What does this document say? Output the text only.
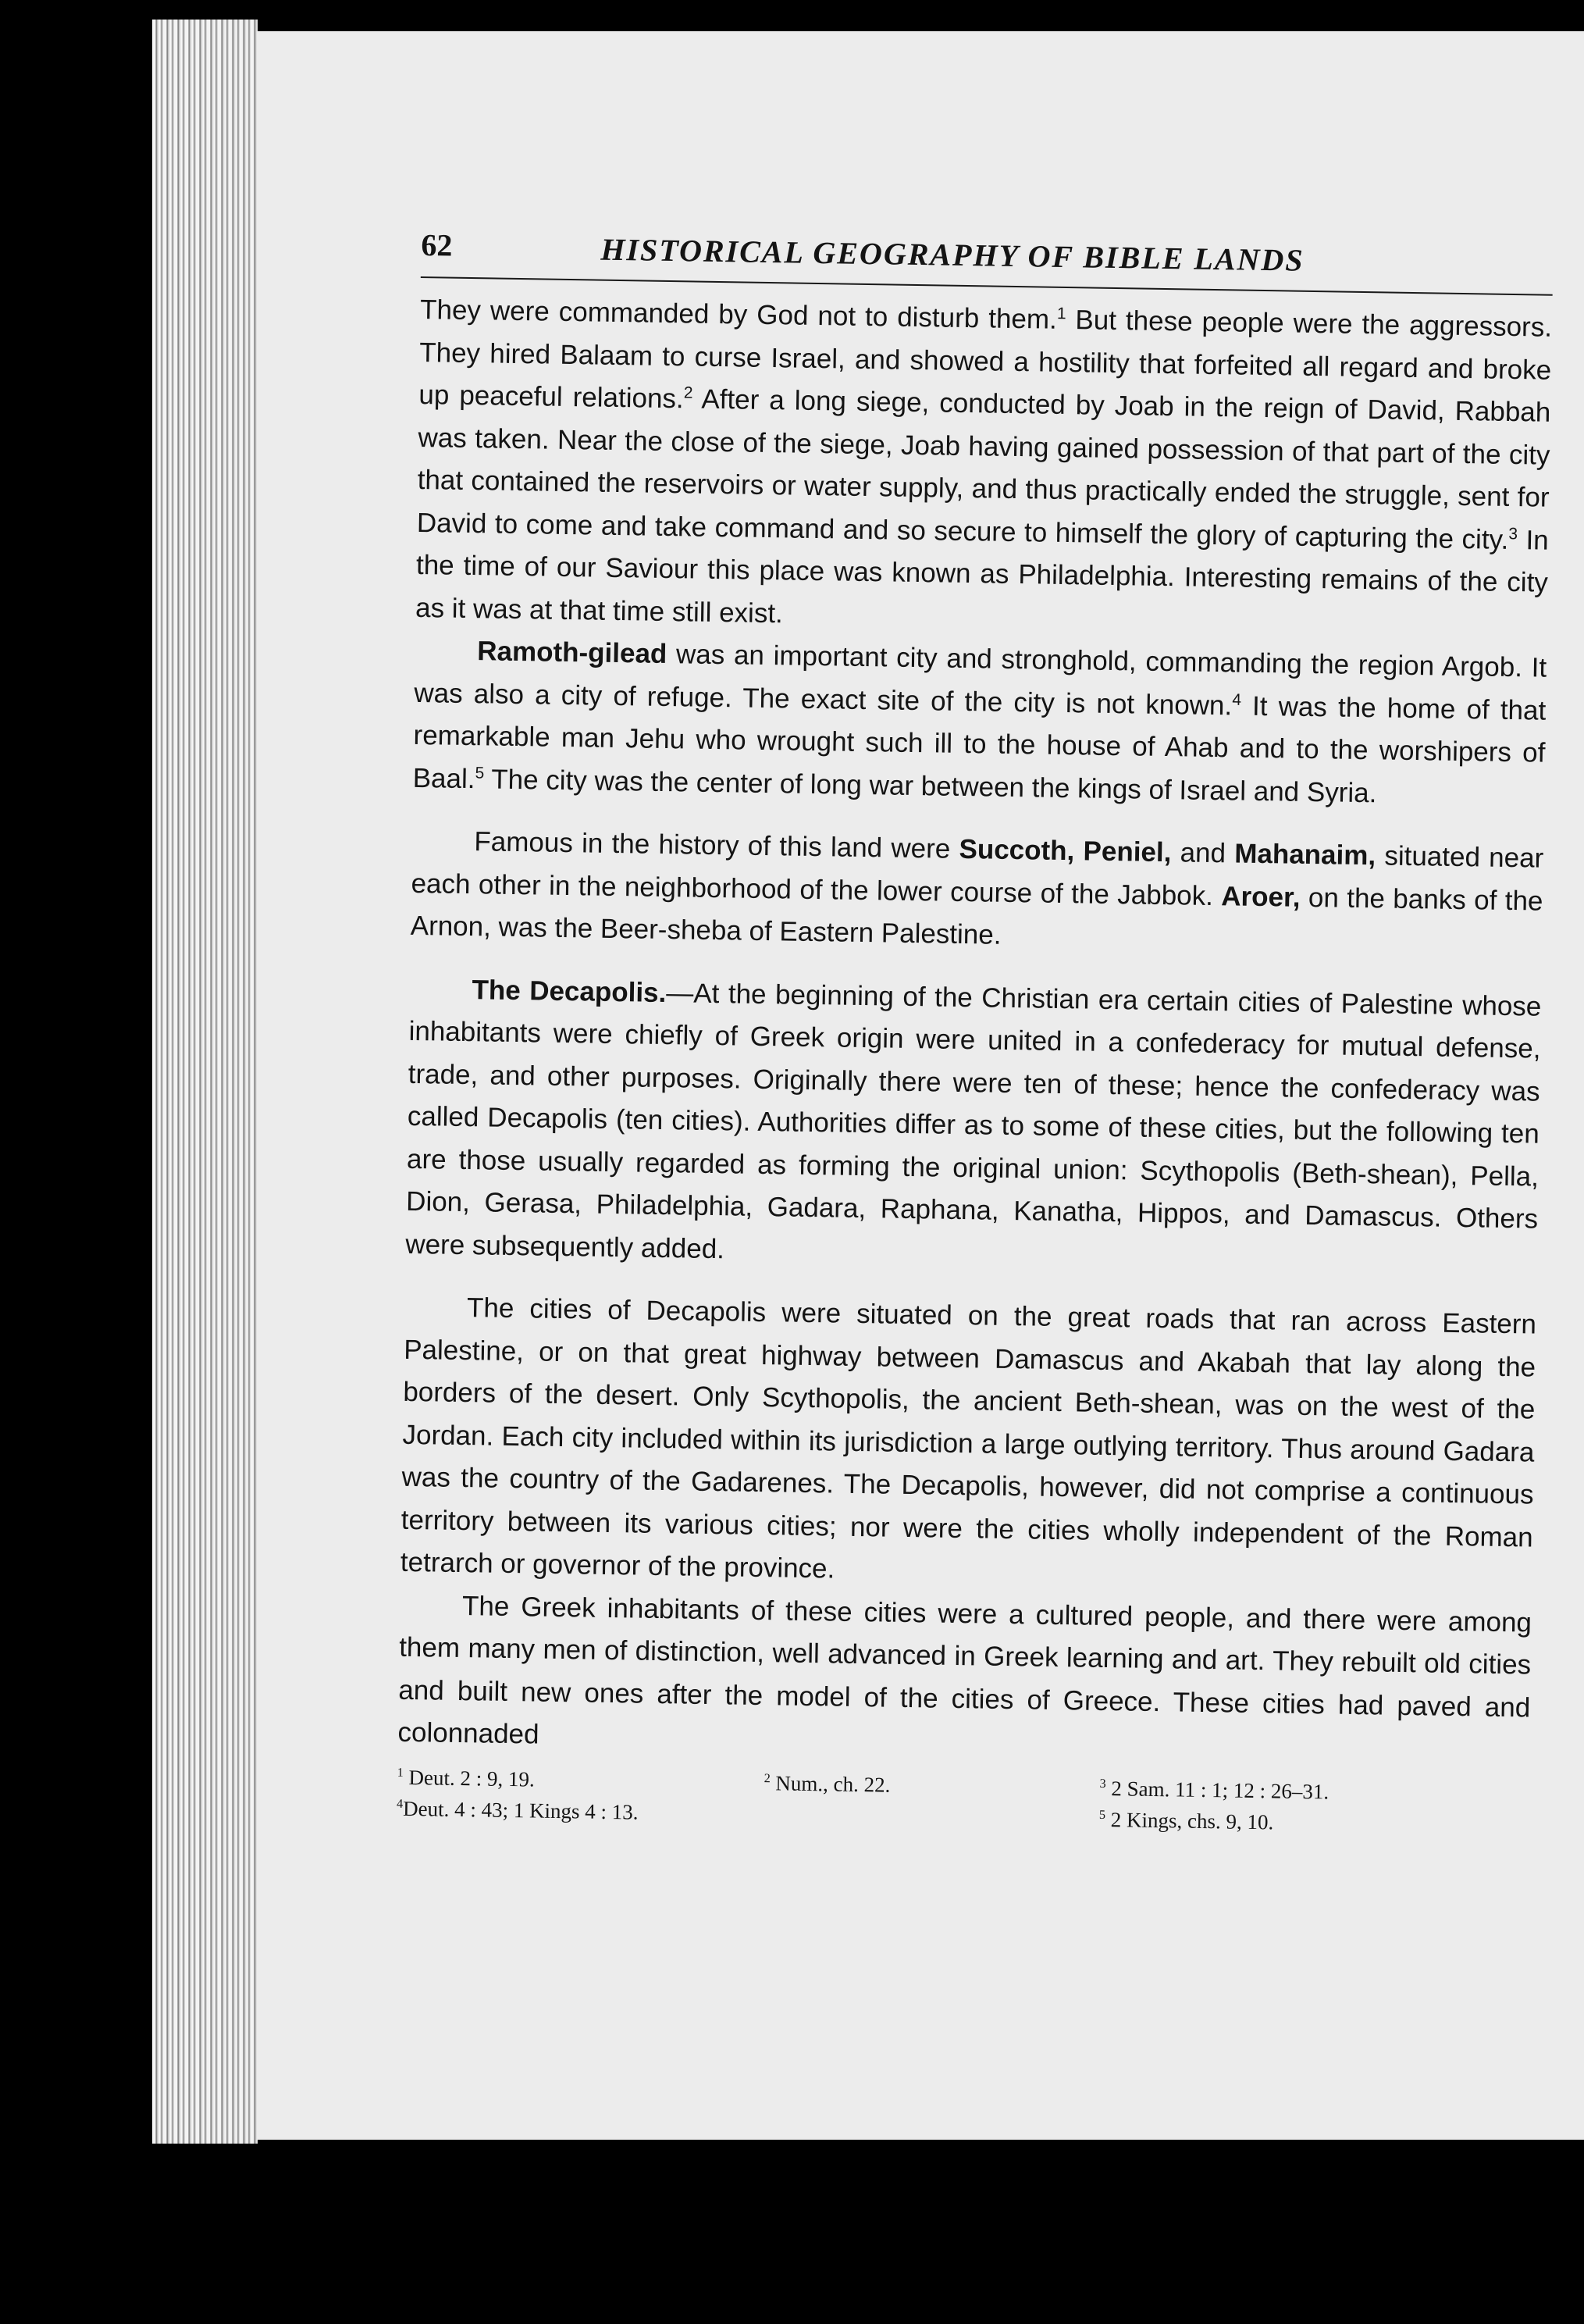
62	HISTORICAL GEOGRAPHY OF BIBLE LANDS

They were commanded by God not to disturb them.$^1$ But these people were the aggressors. They hired Balaam to curse Israel, and showed a hostility that forfeited all regard and broke up peaceful relations.$^2$ After a long siege, conducted by Joab in the reign of David, Rabbah was taken. Near the close of the siege, Joab having gained possession of that part of the city that contained the reservoirs or water supply, and thus practically ended the struggle, sent for David to come and take command and so secure to himself the glory of capturing the city.$^3$ In the time of our Saviour this place was known as Philadelphia. Interesting remains of the city as it was at that time still exist.

Ramoth-gilead was an important city and stronghold, commanding the region Argob. It was also a city of refuge. The exact site of the city is not known.$^4$ It was the home of that remarkable man Jehu who wrought such ill to the house of Ahab and to the worshipers of Baal.$^5$ The city was the center of long war between the kings of Israel and Syria.

Famous in the history of this land were Succoth, Peniel, and Mahanaim, situated near each other in the neighborhood of the lower course of the Jabbok. Aroer, on the banks of the Arnon, was the Beer-sheba of Eastern Palestine.

The Decapolis.—At the beginning of the Christian era certain cities of Palestine whose inhabitants were chiefly of Greek origin were united in a confederacy for mutual defense, trade, and other purposes. Originally there were ten of these; hence the confederacy was called Decapolis (ten cities). Authorities differ as to some of these cities, but the following ten are those usually regarded as forming the original union: Scythopolis (Beth-shean), Pella, Dion, Gerasa, Philadelphia, Gadara, Raphana, Kanatha, Hippos, and Damascus. Others were subsequently added.

The cities of Decapolis were situated on the great roads that ran across Eastern Palestine, or on that great highway between Damascus and Akabah that lay along the borders of the desert. Only Scythopolis, the ancient Beth-shean, was on the west of the Jordan. Each city included within its jurisdiction a large outlying territory. Thus around Gadara was the country of the Gadarenes. The Decapolis, however, did not comprise a continuous territory between its various cities; nor were the cities wholly independent of the Roman tetrarch or governor of the province.

The Greek inhabitants of these cities were a cultured people, and there were among them many men of distinction, well advanced in Greek learning and art. They rebuilt old cities and built new ones after the model of the cities of Greece. These cities had paved and colonnaded

$^1$ Deut. 2 : 9, 19.	$^2$ Num., ch. 22.	$^3$ 2 Sam. 11 : 1; 12 : 26–31.
$^4$Deut. 4 : 43; 1 Kings 4 : 13.	$^5$ 2 Kings, chs. 9, 10.
